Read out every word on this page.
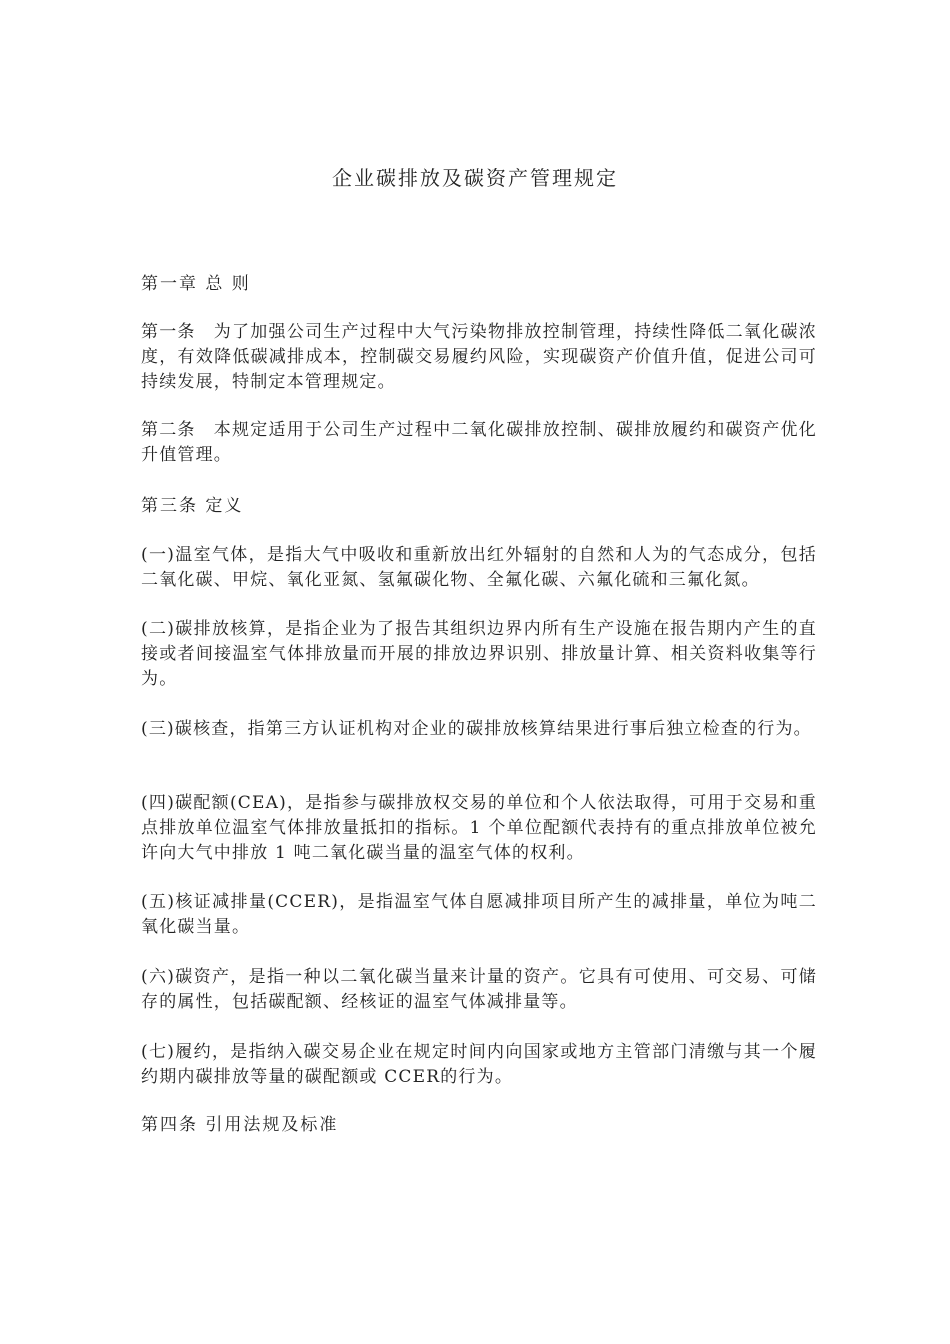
企业碳排放及碳资产管理规定
第一章 总 则

第一条 为了加强公司生产过程中大气污染物排放控制管理，持续性降低二氧化碳浓度，有效降低碳减排成本，控制碳交易履约风险，实现碳资产价值升值，促进公司可持续发展，特制定本管理规定。

第二条 本规定适用于公司生产过程中二氧化碳排放控制、碳排放履约和碳资产优化升值管理。

第三条 定义

(一)温室气体，是指大气中吸收和重新放出红外辐射的自然和人为的气态成分，包括二氧化碳、甲烷、氧化亚氮、氢氟碳化物、全氟化碳、六氟化硫和三氟化氮。

(二)碳排放核算，是指企业为了报告其组织边界内所有生产设施在报告期内产生的直接或者间接温室气体排放量而开展的排放边界识别、排放量计算、相关资料收集等行为。

(三)碳核查，指第三方认证机构对企业的碳排放核算结果进行事后独立检查的行为。

(四)碳配额(CEA)，是指参与碳排放权交易的单位和个人依法取得，可用于交易和重点排放单位温室气体排放量抵扣的指标。1 个单位配额代表持有的重点排放单位被允许向大气中排放 1 吨二氧化碳当量的温室气体的权利。

(五)核证减排量(CCER)，是指温室气体自愿减排项目所产生的减排量，单位为吨二氧化碳当量。

(六)碳资产，是指一种以二氧化碳当量来计量的资产。它具有可使用、可交易、可储存的属性，包括碳配额、经核证的温室气体减排量等。

(七)履约，是指纳入碳交易企业在规定时间内向国家或地方主管部门清缴与其一个履约期内碳排放等量的碳配额或 CCER的行为。

第四条 引用法规及标准
